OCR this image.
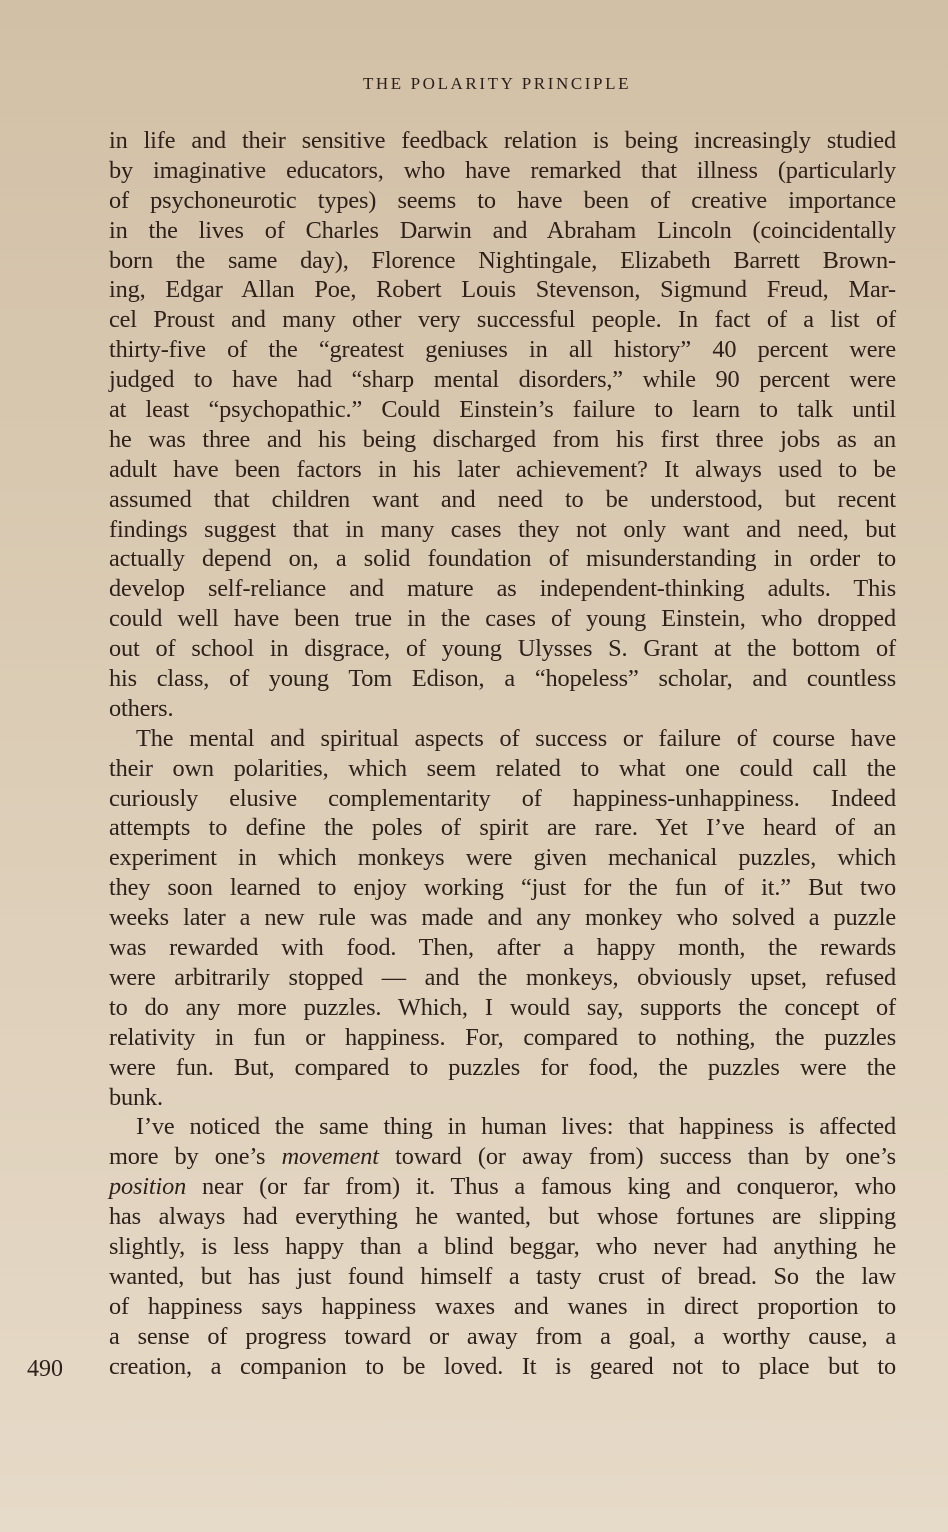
THE POLARITY PRINCIPLE
in life and their sensitive feedback relation is being increasingly studied
by imaginative educators, who have remarked that illness (particularly
of psychoneurotic types) seems to have been of creative importance
in the lives of Charles Darwin and Abraham Lincoln (coincidentally
born the same day), Florence Nightingale, Elizabeth Barrett Brown-
ing, Edgar Allan Poe, Robert Louis Stevenson, Sigmund Freud, Mar-
cel Proust and many other very successful people. In fact of a list of
thirty-five of the “greatest geniuses in all history” 40 percent were
judged to have had “sharp mental disorders,” while 90 percent were
at least “psychopathic.” Could Einstein’s failure to learn to talk until
he was three and his being discharged from his first three jobs as an
adult have been factors in his later achievement? It always used to be
assumed that children want and need to be understood, but recent
findings suggest that in many cases they not only want and need, but
actually depend on, a solid foundation of misunderstanding in order to
develop self-reliance and mature as independent-thinking adults. This
could well have been true in the cases of young Einstein, who dropped
out of school in disgrace, of young Ulysses S. Grant at the bottom of
his class, of young Tom Edison, a “hopeless” scholar, and countless
others.
The mental and spiritual aspects of success or failure of course have
their own polarities, which seem related to what one could call the
curiously elusive complementarity of happiness-unhappiness. Indeed
attempts to define the poles of spirit are rare. Yet I’ve heard of an
experiment in which monkeys were given mechanical puzzles, which
they soon learned to enjoy working “just for the fun of it.” But two
weeks later a new rule was made and any monkey who solved a puzzle
was rewarded with food. Then, after a happy month, the rewards
were arbitrarily stopped — and the monkeys, obviously upset, refused
to do any more puzzles. Which, I would say, supports the concept of
relativity in fun or happiness. For, compared to nothing, the puzzles
were fun. But, compared to puzzles for food, the puzzles were the
bunk.
I’ve noticed the same thing in human lives: that happiness is affected
more by one’s movement toward (or away from) success than by one’s
position near (or far from) it. Thus a famous king and conqueror, who
has always had everything he wanted, but whose fortunes are slipping
slightly, is less happy than a blind beggar, who never had anything he
wanted, but has just found himself a tasty crust of bread. So the law
of happiness says happiness waxes and wanes in direct proportion to
a sense of progress toward or away from a goal, a worthy cause, a
creation, a companion to be loved. It is geared not to place but to
490
